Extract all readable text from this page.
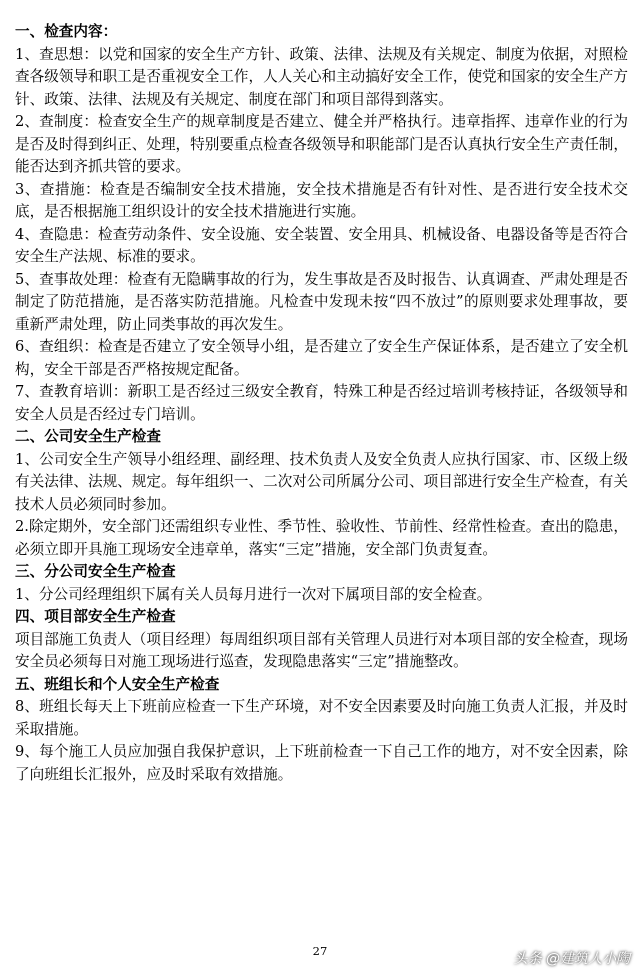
一、检查内容：

1、查思想：以党和国家的安全生产方针、政策、法律、法规及有关规定、制度为依据，对照检查各级领导和职工是否重视安全工作，人人关心和主动搞好安全工作，使党和国家的安全生产方针、政策、法律、法规及有关规定、制度在部门和项目部得到落实。

2、查制度：检查安全生产的规章制度是否建立、健全并严格执行。违章指挥、违章作业的行为是否及时得到纠正、处理，特别要重点检查各级领导和职能部门是否认真执行安全生产责任制，能否达到齐抓共管的要求。

3、查措施：检查是否编制安全技术措施，安全技术措施是否有针对性、是否进行安全技术交底，是否根据施工组织设计的安全技术措施进行实施。

4、查隐患：检查劳动条件、安全设施、安全装置、安全用具、机械设备、电器设备等是否符合安全生产法规、标准的要求。

5、查事故处理：检查有无隐瞒事故的行为，发生事故是否及时报告、认真调查、严肃处理是否制定了防范措施，是否落实防范措施。凡检查中发现未按“四不放过”的原则要求处理事故，要重新严肃处理，防止同类事故的再次发生。

6、查组织：检查是否建立了安全领导小组，是否建立了安全生产保证体系，是否建立了安全机构，安全干部是否严格按规定配备。

7、查教育培训：新职工是否经过三级安全教育，特殊工种是否经过培训考核持证，各级领导和安全人员是否经过专门培训。

二、公司安全生产检查

1、公司安全生产领导小组经理、副经理、技术负责人及安全负责人应执行国家、市、区级上级有关法律、法规、规定。每年组织一、二次对公司所属分公司、项目部进行安全生产检查，有关技术人员必须同时参加。

2.除定期外，安全部门还需组织专业性、季节性、验收性、节前性、经常性检查。查出的隐患，必须立即开具施工现场安全违章单，落实“三定”措施，安全部门负责复查。

三、分公司安全生产检查

1、分公司经理组织下属有关人员每月进行一次对下属项目部的安全检查。

四、项目部安全生产检查

项目部施工负责人（项目经理）每周组织项目部有关管理人员进行对本项目部的安全检查，现场安全员必须每日对施工现场进行巡查，发现隐患落实“三定”措施整改。

五、班组长和个人安全生产检查

8、班组长每天上下班前应检查一下生产环境，对不安全因素要及时向施工负责人汇报，并及时采取措施。

9、每个施工人员应加强自我保护意识，上下班前检查一下自己工作的地方，对不安全因素，除了向班组长汇报外，应及时采取有效措施。

27	头条 @建筑人小陶
